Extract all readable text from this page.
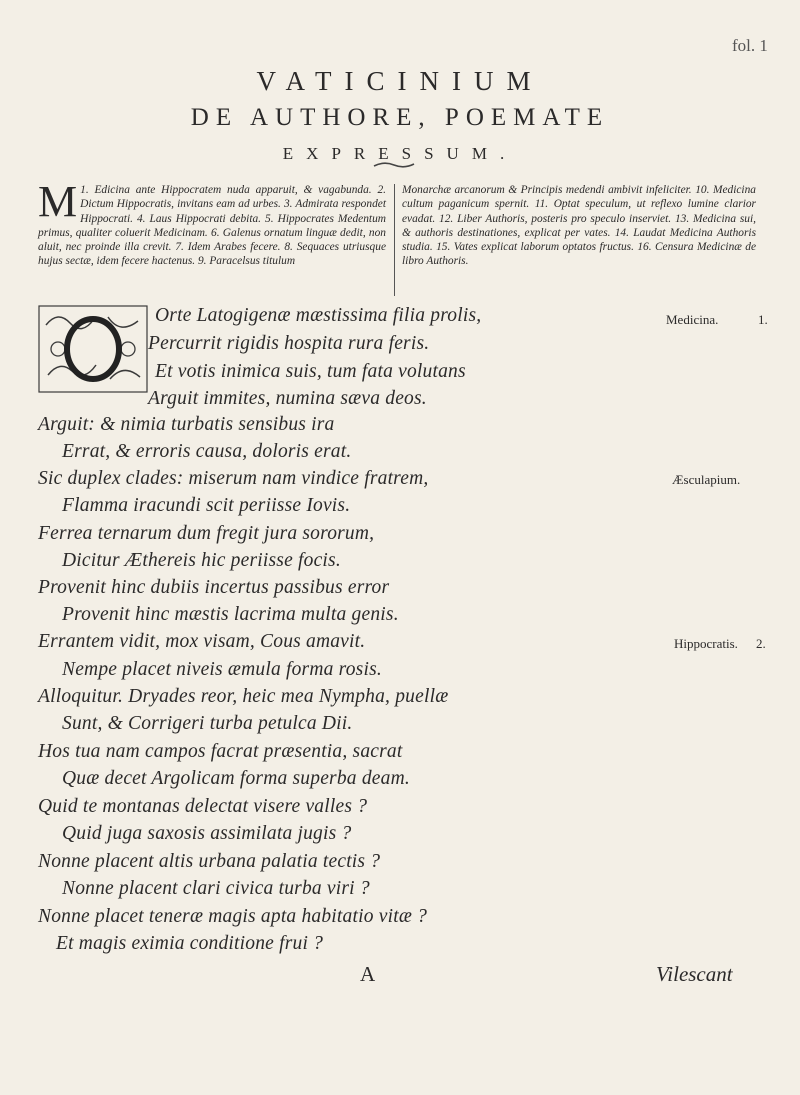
fol. 1
VATICINIUM
DE AUTHORE, POEMATE
EXPRESSUM.
M 1. Edicina ante Hippocratem nuda apparuit, & vagabunda. 2. Dictum Hippocratis, invitans eam ad urbes. 3. Admirata respondet Hippocrati. 4. Laus Hippocrati debita. 5. Hippocrates Medentum primus, qualiter coluerit Medicinam. 6. Galenus ornatum linguæ dedit, non aluit, nec proinde illa crevit. 7. Idem Arabes fecere. 8. Sequaces utriusque hujus sectæ, idem fecere hactenus. 9. Paracelsus titulum
Monarchæ arcanorum & Principis medendi ambivit infeliciter. 10. Medicina cultum paganicum spernit. 11. Optat speculum, ut reflexo lumine clarior evadat. 12. Liber Authoris, posteris pro speculo inserviet. 13. Medicina sui, & authoris destinationes, explicat per vates. 14. Laudat Medicina Authoris studia. 15. Vates explicat laborum optatos fructus. 16. Censura Medicinæ de libro Authoris.
Orte Latogigenæ mæstissima filia prolis,
Percurrit rigidis hospita rura feris.
Et votis inimica suis, tum fata volutans
Arguit immites, numina sæva deos.
Arguit: & nimia turbatis sensibus ira
Errat, & erroris causa, doloris erat.
Sic duplex clades: miserum nam vindice fratrem,
Flamma iracundi scit periisse Iovis.
Ferrea ternarum dum fregit jura sororum,
Dicitur Æthereis hic periisse focis.
Provenit hinc dubiis incertus passibus error
Provenit hinc mæstis lacrima multa genis.
Errantem vidit, mox visam, Cous amavit.
Nempe placet niveis æmula forma rosis.
Alloquitur. Dryades reor, heic mea Nympha, puellæ
Sunt, & Corrigeri turba petulca Dii.
Hos tua nam campos facrat præsentia, sacrat
Quæ decet Argolicam forma superba deam.
Quid te montanas delectat visere valles ?
Quid juga saxosis assimilata jugis ?
Nonne placent altis urbana palatia tectis ?
Nonne placent clari civica turba viri ?
Nonne placet teneræ magis apta habitatio vitæ ?
Et magis eximia conditione frui ?
Medicina.	1.
Æsculapium.
Hippocratis. 2.
A	Vilescant
